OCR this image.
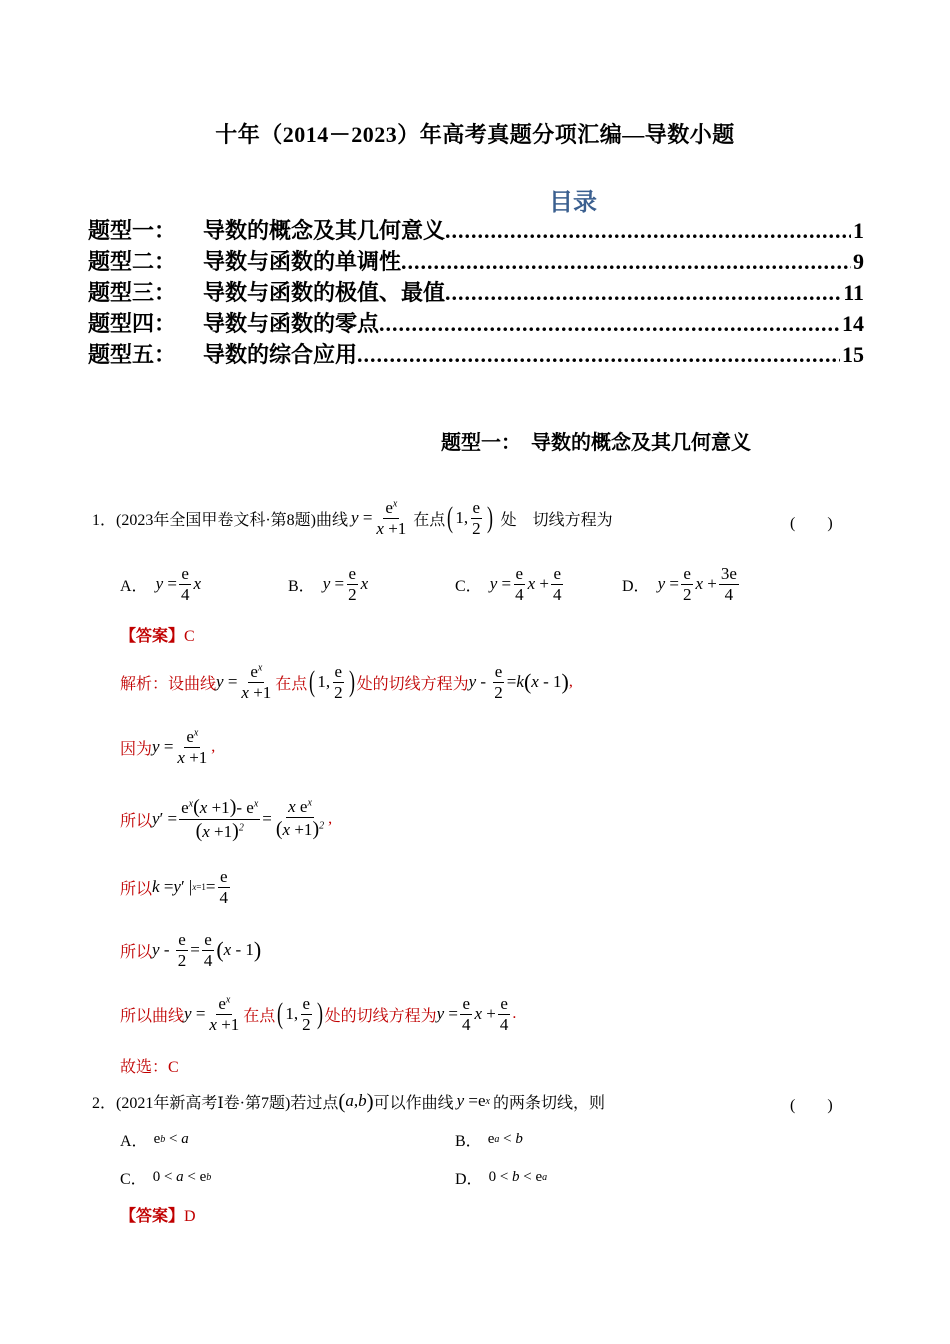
十年（2014－2023）年高考真题分项汇编—导数小题
目录
题型一：	导数的概念及其几何意义 .....	1
题型二：	导数与函数的单调性 .....	9
题型三：	导数与函数的极值、最值 .....	11
题型四：	导数与函数的零点 .....	14
题型五：	导数的综合应用 .....	15
题型一：　导数的概念及其几何意义
1． (2023年全国甲卷文科·第8题)曲线 $y = \frac{e^x}{x +1}$ 在点 ( 1, $\frac{e}{2}$ ) 处　切线方程为	(　　)
A． $y = \frac{e}{4}$ x	B． $y = \frac{e}{2}$ x	C． $y = \frac{e}{4}$ $x + \frac{e}{4}$	D． $y = \frac{e}{2}$ $x + \frac{3e}{4}$
【答案】C
解析：设曲线 $y = \frac{e^x}{x +1}$ 在点 ( 1, $\frac{e}{2}$ ) 处的切线方程为 $y - \frac{e}{2} = k$ ( x - 1 ) ,
因为 $y = \frac{e^x}{x +1}$ ,
所以 y ′ = $\frac{e^x(x +1)- e^x}{(x +1)^2} = \frac{x e^x}{(x +1)^2}$ ,
所以 k = y ′ | $x=1 = \frac{e}{4}$
所以 $y - \frac{e}{2} = \frac{e}{4}$ ( x - 1 )
所以曲线 $y = \frac{e^x}{x +1}$ 在点 ( 1, $\frac{e}{2}$ ) 处的切线方程为 $y = \frac{e}{4}$ $x + \frac{e}{4}$ .
故选：C
2． (2021年新高考Ⅰ卷·第7题)若过点 ( a , b ) 可以作曲线 y =e x 的两条切线，则	(　　)
A． e b < a	B． e a < b
C． 0 < a < e b	D． 0 < b < e a
【答案】D
